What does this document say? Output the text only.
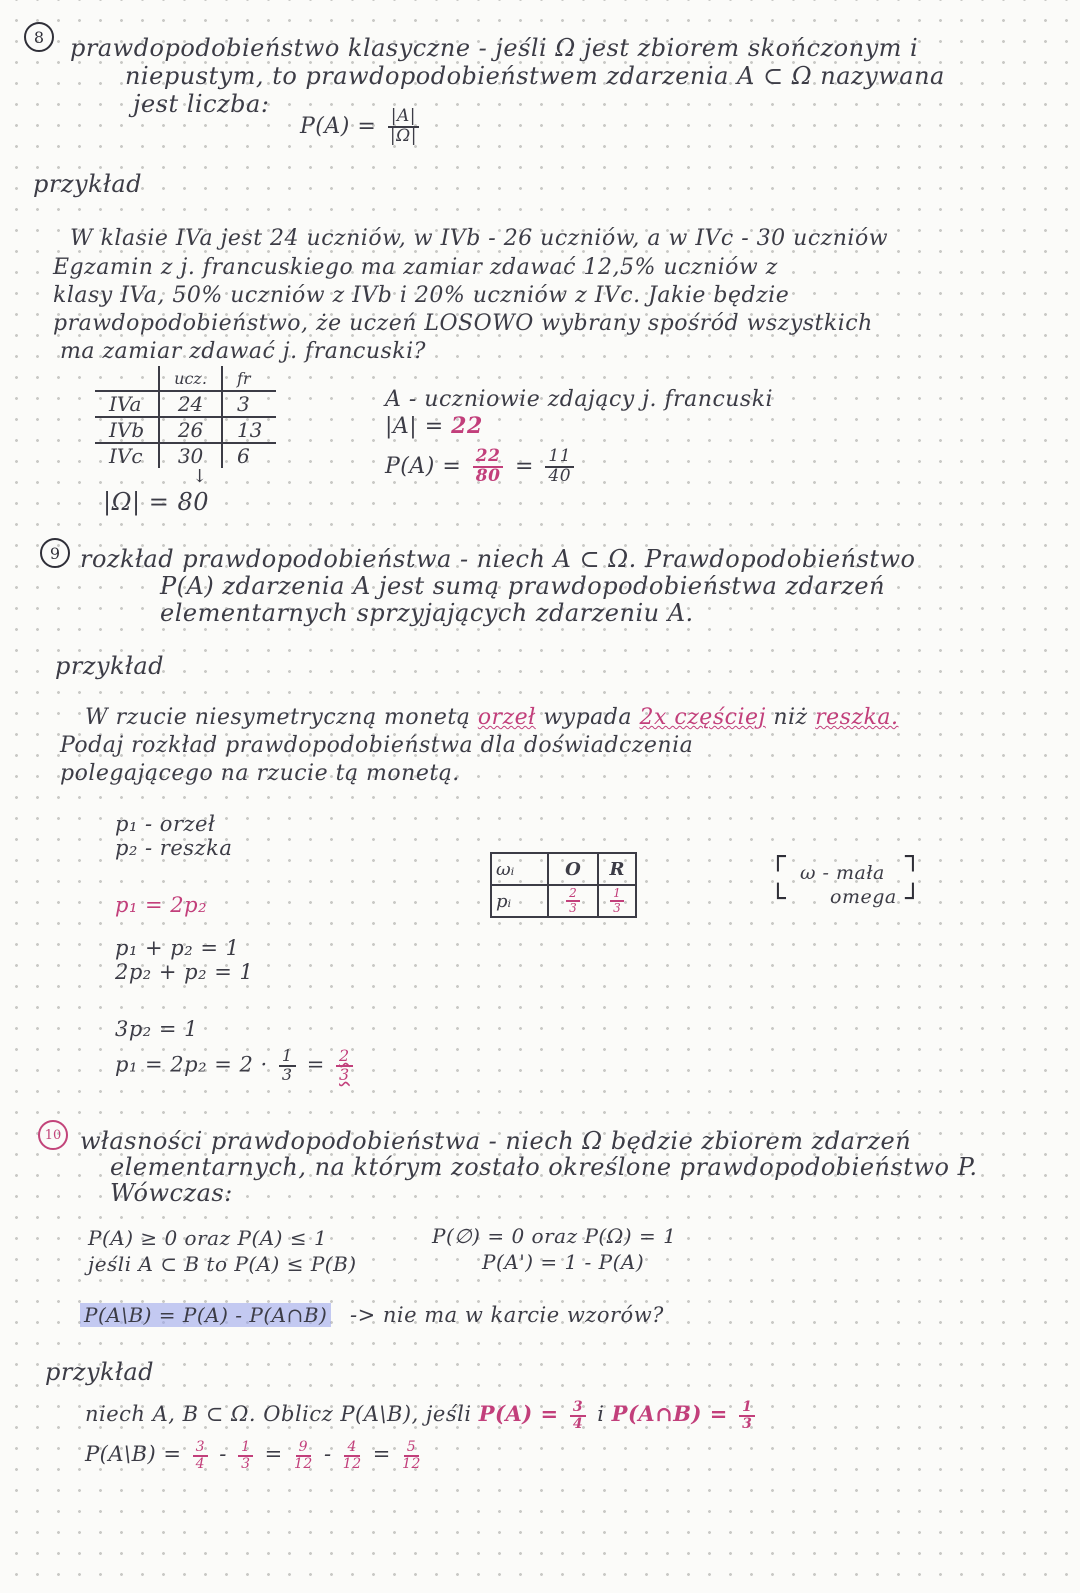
8 prawdopodobieństwo klasyczne - jeśli Ω jest zbiorem skończonym i
niepustym, to prawdopodobieństwem zdarzenia A ⊂ Ω nazywana
jest liczba:
$P(A) = \frac{|A|}{|\Omega|}$
przykład
W klasie IVa jest 24 uczniów, w IVb - 26 uczniów, a w IVc - 30 uczniów
Egzamin z j. francuskiego ma zamiar zdawać 12,5% uczniów z
klasy IVa, 50% uczniów z IVb i 20% uczniów z IVc. Jakie będzie
prawdopodobieństwo, że uczeń LOSOWO wybrany spośród wszystkich
ma zamiar zdawać j. francuski?
	ucz.	fr
IVa	24	3
IVb	26	13
IVc	30	6
↓
|Ω| = 80
A - uczniowie zdający j. francuski
|A| = 22
$P(A) = \frac{22}{80} = \frac{11}{40}$
9 rozkład prawdopodobieństwa - niech A ⊂ Ω. Prawdopodobieństwo
P(A) zdarzenia A jest sumą prawdopodobieństwa zdarzeń
elementarnych sprzyjających zdarzeniu A.
przykład
W rzucie niesymetryczną monetą orzeł wypada 2x częściej niż reszka.
Podaj rozkład prawdopodobieństwa dla doświadczenia
polegającego na rzucie tą monetą.
p₁ - orzeł
p₂ - reszka
p₁ = 2p₂
p₁ + p₂ = 1
2p₂ + p₂ = 1
3p₂ = 1
$p_1 = 2p_2 = 2 \cdot \frac{1}{3} = \frac{2}{3}$
ωᵢ	O	R
pᵢ	$\frac{2}{3}$	$\frac{1}{3}$
┌	┐
└	┘
ω - mała
omega
10 własności prawdopodobieństwa - niech Ω będzie zbiorem zdarzeń
elementarnych, na którym zostało określone prawdopodobieństwo P.
Wówczas:
P(A) ≥ 0 oraz P(A) ≤ 1	P(∅) = 0 oraz P(Ω) = 1
jeśli A ⊂ B to P(A) ≤ P(B)	P(A') = 1 - P(A)
P(A\B) = P(A) - P(A∩B) -> nie ma w karcie wzorów?
przykład
niech A, B ⊂ Ω. Oblicz P(A\B), jeśli $P(A) = \frac{3}{4}$ i P(A∩B) = $\frac{1}{3}$
P(A\B) = $\frac{3}{4} - \frac{1}{3} = \frac{9}{12} - \frac{4}{12} = \frac{5}{12}$
